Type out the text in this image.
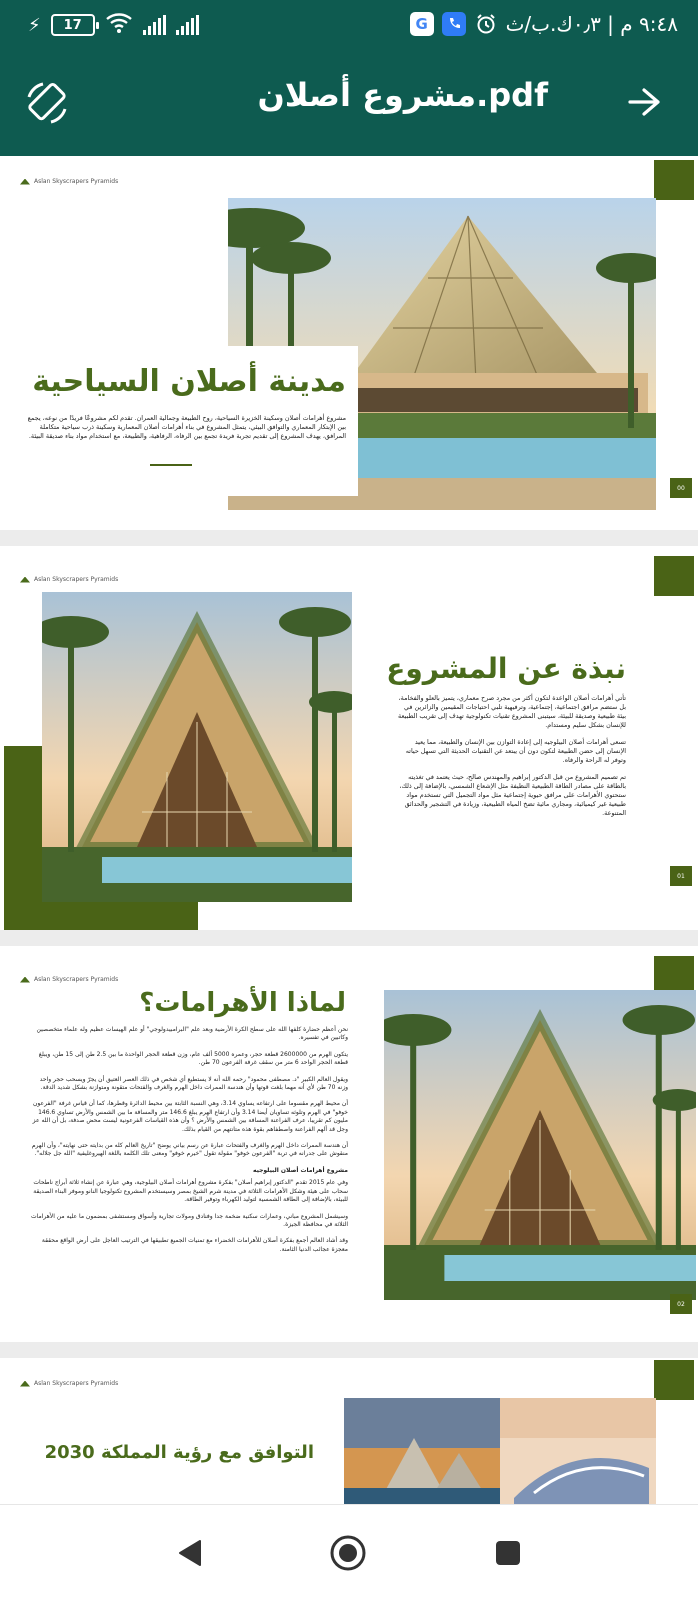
٩:٤٨ م | ٠٫٣ك.ب/ث
G
⚡ 17
مشروع أصلان.pdf
Aslan Skyscrapers Pyramids
مدينة أصلان السياحية
مشروع أهرامات أصلان وسكينة الخزيرة السياحية، روح الطبيعة وجمالية العمران. تقدم لكم مشروعًا فريدًا من نوعه، يجمع بين الإبتكار المعماري والتوافق البيئي، يتمثل المشروع في بناء أهرامات أصلان المعمارية وسكينة ذرب سياحية متكاملة المرافق، يهدف المشروع إلى تقديم تجربة فريدة تجمع بين الرفاه، الرفاهية، والطبيعة، مع استخدام مواد بناء صديقة البيئة.
00
Aslan Skyscrapers Pyramids
نبذة عن المشروع

تأتي أهرامات أصلان الواعدة لتكون أكثر من مجرد صرح معماري، يتميز بالعلو والفخامة، بل ستضم مرافق اجتماعية، إجتماعية، وترفيهية تلبي احتياجات المقيمين والزائرين في بيئة طبيعية وصديقة للبيئة، سيتبنى المشروع تقنيات تكنولوجية تهدف إلى تقريب الطبيعة للإنسان بشكل سليم ومستدام.

تسعى أهرامات أصلان البيلوجيه إلى إعادة التوازن بين الإنسان والطبيعة، مما يعيد الإنسان إلى حضن الطبيعة لتكون دون أن يبتعد عن التقنيات الحديثة التي تسهل حياته وتوفر له الراحة والرفاه.

تم تصميم المشروع من قبل الدكتور إبراهيم والمهندس صالح، حيث يعتمد في تغذيته بالطاقة على مصادر الطاقة الطبيعية النظيفة مثل الإشعاع الشمسي، بالإضافة إلى ذلك، ستحتوي الأهرامات على مرافق حيوية إجتماعية مثل مواد التجميل التي تستخدم مواد طبيعية غير كيميائية، ومجاري مائية تضخ المياه الطبيعية، وزيادة في التشجير والحدائق المتنوعة.

01
Aslan Skyscrapers Pyramids
لماذا الأهرامات؟

نحن أعظم حضارة كلفها الله على سطح الكرة الأرضية وبعد علم "البرامبيدولوجي" أو علم الهيسات عظيم وله علماء متخصصين وكاتبين في تفسيره.

يتكون الهرم من 2600000 قطعة حجر، وعمره 5000 ألف عام، وزن قطعة الحجر الواحدة ما بين 2.5 طن إلى 15 طن، ويبلغ قطعة الحجر الواحد 6 متر من سقف غرفة الفرعون 70 طن.

ويقول العالم الكبير "د. مصطفى محمود" رحمه الله أنه لا يستطيع أي شخص في ذلك العصر العتيق أن يجرّ ويسحب حجر واحد وزنه 70 طن لأي أنه مهما بلغت قوتها وأن هندسة الممرات داخل الهرم والغرف والفتحات متقونة ومتوازنة بشكل شديد الدقة.

أن محيط الهرم مقسوما على ارتفاعه يساوي 3.14، وهي النسبة الثابتة بين محيط الدائرة وقطرها، كما أن قياس غرفة "الفرعون خوفو" في الهرم وتلوثه تساويان أيضا 3.14 وأن ارتفاع الهرم يبلغ 146.6 متر والمسافة ما بين الشمس والأرض تساوي 146.6 مليون كم تقريبا، عرف الفراعنة المسافة بين الشمس والأرض ؟ وأن هذه القياسات الفرعونية ليست محض صدفة، بل أن الله عز وجل قد ألهم الفراعنة واصطفاهم بقوة هذه متانتهم من القيام بذلك.

أن هندسة الممرات داخل الهرم والغرف والفتحات عبارة عن رسم بياني يوضح "تاريخ العالم كله من بدايته حتى نهايته"، وأن الهرم منقوش على جدرانه في تربة "الفرعون خوفو" مقولة تقول "خيرم خوفو" ومعنى تلك الكلمة باللغة الهيروغليفية "الله جل جلاله".

مشروع أهرامات أصلان البيلوجيه

وفي عام 2015 تقدم "الدكتور إبراهيم أصلان" بفكرة مشروع أهرامات أصلان البيلوجية، وهي عبارة عن إنشاء ثلاثة أبراج ناطحات سحاب على هيئة وشكل الأهرامات الثلاثة في مدينة شرم الشيخ بمصر وسيستخدم المشروع تكنولوجيا النانو وموفر البناء الصديقة للبيئة، بالإضافة إلى الطاقة الشمسية لتوليد الكهرباء وتوفير الطاقة.

وسيشمل المشروع مباني، وعمارات سكنية ضخمة جدا وفنادق ومولات تجارية وأسواق ومستشفى بمضمون ما عليه من الأهرامات الثلاثة في محافظة الجيزة.

وقد أشاد العالم أجمع بفكرة أصلان للأهرامات الخضراء مع تمنيات الجميع تطبيقها في الترتيب العاجل على أرض الواقع محققة معجزة عجائب الدنيا الثامنة.

02
Aslan Skyscrapers Pyramids
التوافق مع رؤية المملكة 2030
